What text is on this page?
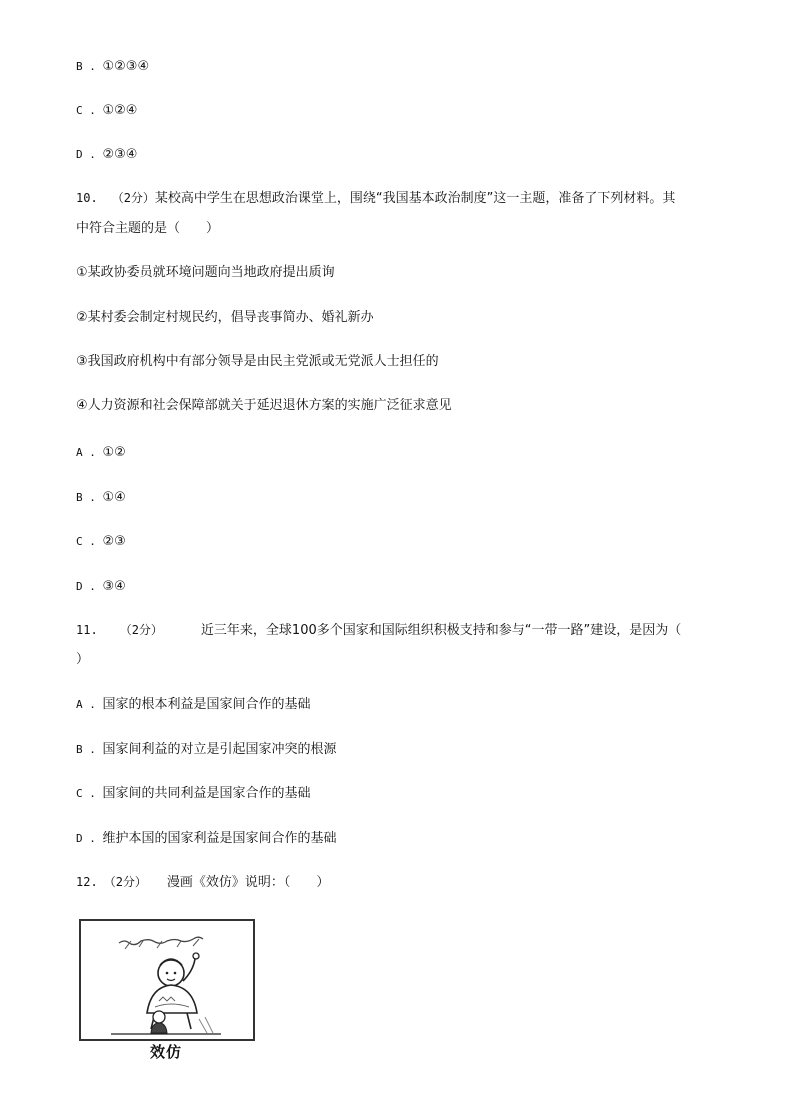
B . ①②③④
C . ①②④
D . ②③④
10. （2分）某校高中学生在思想政治课堂上，围绕“我国基本政治制度”这一主题，准备了下列材料。其
中符合主题的是（　　）
①某政协委员就环境问题向当地政府提出质询
②某村委会制定村规民约，倡导丧事简办、婚礼新办
③我国政府机构中有部分领导是由民主党派或无党派人士担任的
④人力资源和社会保障部就关于延迟退休方案的实施广泛征求意见
A . ①②
B . ①④
C . ②③
D . ③④
11. （2分）	近三年来，全球100多个国家和国际组织积极支持和参与“一带一路”建设，是因为（
）
A . 国家的根本利益是国家间合作的基础
B . 国家间利益的对立是引起国家冲突的根源
C . 国家间的共同利益是国家合作的基础
D . 维护本国的国家利益是国家间合作的基础
12. （2分） 漫画《效仿》说明：（　　）
效仿
